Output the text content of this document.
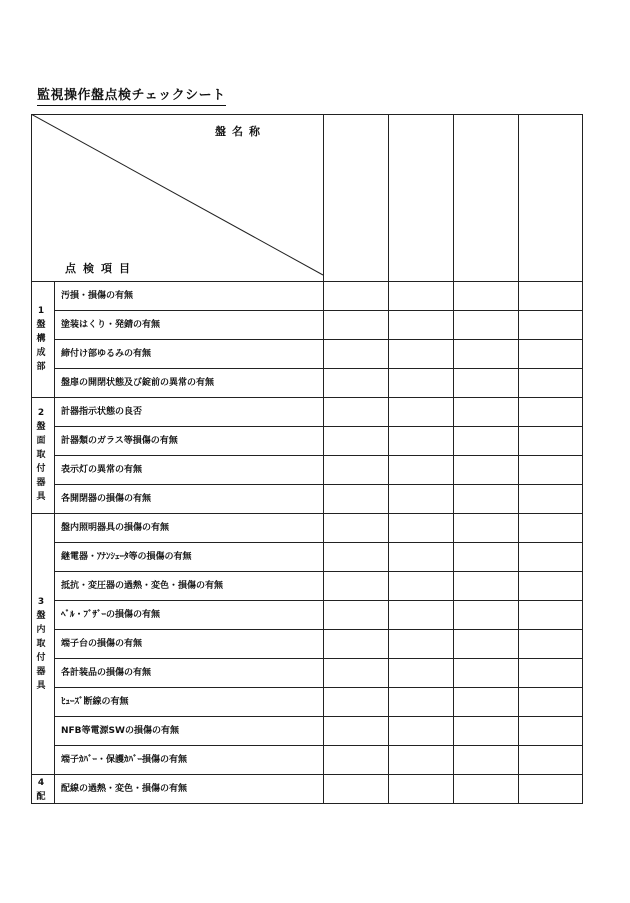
監視操作盤点検チェックシート
盤名称
点検項目
汚損・損傷の有無
塗装はくり・発錆の有無
締付け部ゆるみの有無
盤扉の開閉状態及び錠前の異常の有無
計器指示状態の良否
計器類のガラス等損傷の有無
表示灯の異常の有無
各開閉器の損傷の有無
盤内照明器具の損傷の有無
継電器・ｱﾅﾝｼｪｰﾀ等の損傷の有無
抵抗・変圧器の過熱・変色・損傷の有無
ﾍﾞﾙ・ﾌﾞｻﾞｰの損傷の有無
端子台の損傷の有無
各計装品の損傷の有無
ﾋｭｰｽﾞ断線の有無
NFB等電源SWの損傷の有無
端子ｶﾊﾞｰ・保護ｶﾊﾞｰ損傷の有無
配線の過熱・変色・損傷の有無
1
盤
構
成
部
2
盤
面
取
付
器
具
3
盤
内
取
付
器
具
4
配
